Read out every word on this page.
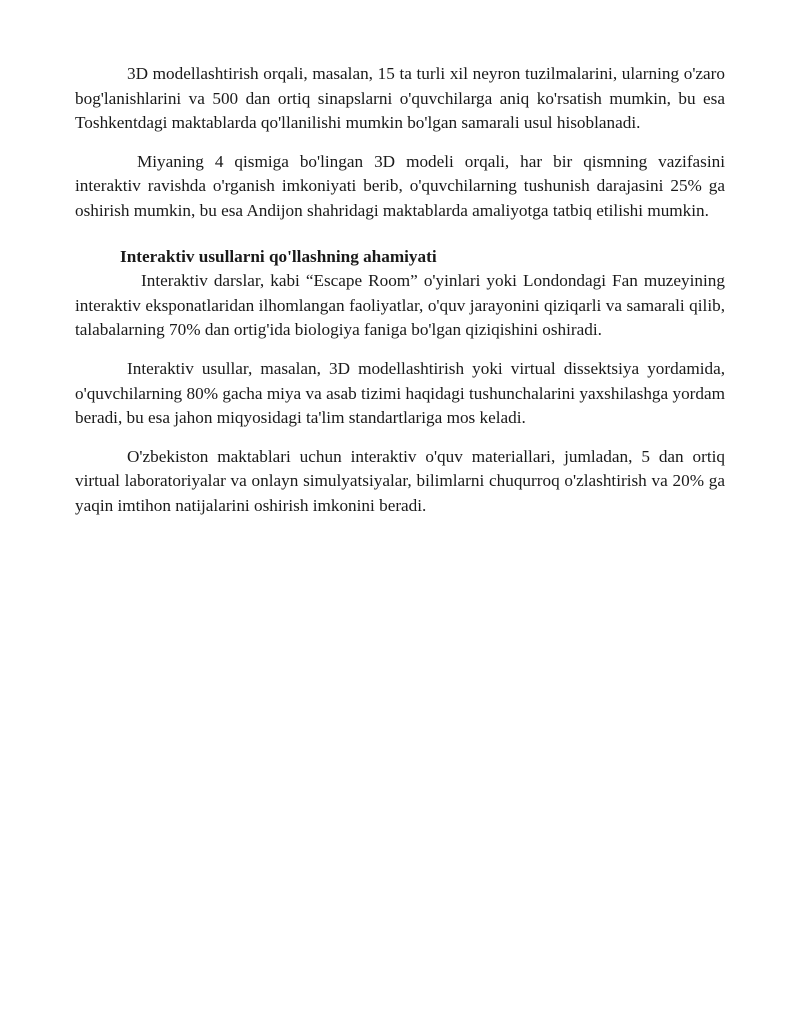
3D modellashtirish orqali, masalan, 15 ta turli xil neyron tuzilmalarini, ularning o'zaro bog'lanishlarini va 500 dan ortiq sinapslarni o'quvchilarga aniq ko'rsatish mumkin, bu esa Toshkentdagi maktablarda qo'llanilishi mumkin bo'lgan samarali usul hisoblanadi.

Miyaning 4 qismiga bo'lingan 3D modeli orqali, har bir qismning vazifasini interaktiv ravishda o'rganish imkoniyati berib, o'quvchilarning tushunish darajasini 25% ga oshirish mumkin, bu esa Andijon shahridagi maktablarda amaliyotga tatbiq etilishi mumkin.

Interaktiv usullarni qo'llashning ahamiyati

Interaktiv darslar, kabi “Escape Room” o'yinlari yoki Londondagi Fan muzeyining interaktiv eksponatlaridan ilhomlangan faoliyatlar, o'quv jarayonini qiziqarli va samarali qilib, talabalarning 70% dan ortig'ida biologiya faniga bo'lgan qiziqishini oshiradi.

Interaktiv usullar, masalan, 3D modellashtirish yoki virtual dissektsiya yordamida, o'quvchilarning 80% gacha miya va asab tizimi haqidagi tushunchalarini yaxshilashga yordam beradi, bu esa jahon miqyosidagi ta'lim standartlariga mos keladi.

O'zbekiston maktablari uchun interaktiv o'quv materiallari, jumladan, 5 dan ortiq virtual laboratoriyalar va onlayn simulyatsiyalar, bilimlarni chuqurroq o'zlashtirish va 20% ga yaqin imtihon natijalarini oshirish imkonini beradi.
